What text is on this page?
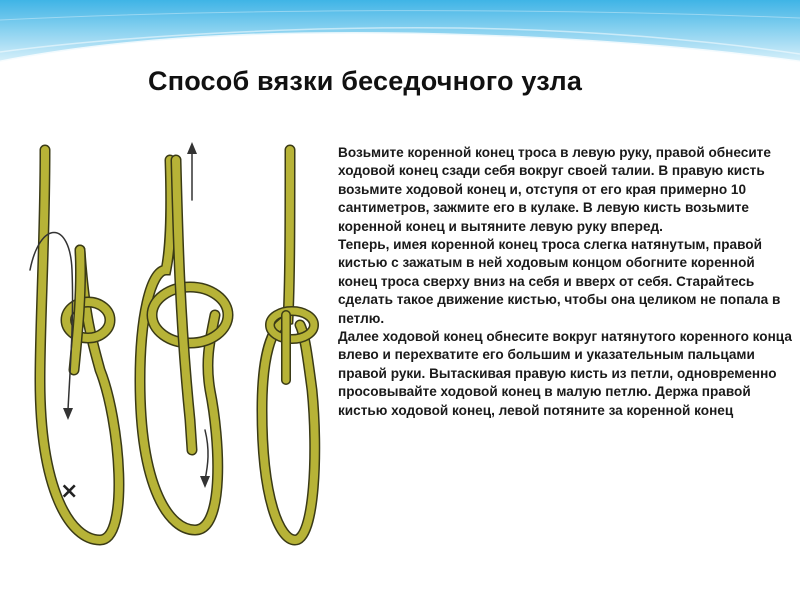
Способ вязки беседочного узла
×

Возьмите коренной конец троса в левую руку, правой обнесите ходовой конец сзади себя вокруг своей талии. В правую кисть возьмите ходовой конец и, отступя от его края примерно 10 сантиметров, зажмите его в кулаке. В левую кисть возьмите коренной конец и вытяните левую руку вперед.

Теперь, имея коренной конец троса слегка натянутым, правой кистью с зажатым в ней ходовым концом обогните коренной конец троса сверху вниз на себя и вверх от себя. Старайтесь сделать такое движение кистью, чтобы она целиком не попала в петлю.

Далее ходовой конец обнесите вокруг натянутого коренного конца влево и перехватите его большим и указательным пальцами правой руки. Вытаскивая правую кисть из петли, одновременно просовывайте ходовой конец в малую петлю. Держа правой кистью ходовой конец, левой потяните за коренной конец
